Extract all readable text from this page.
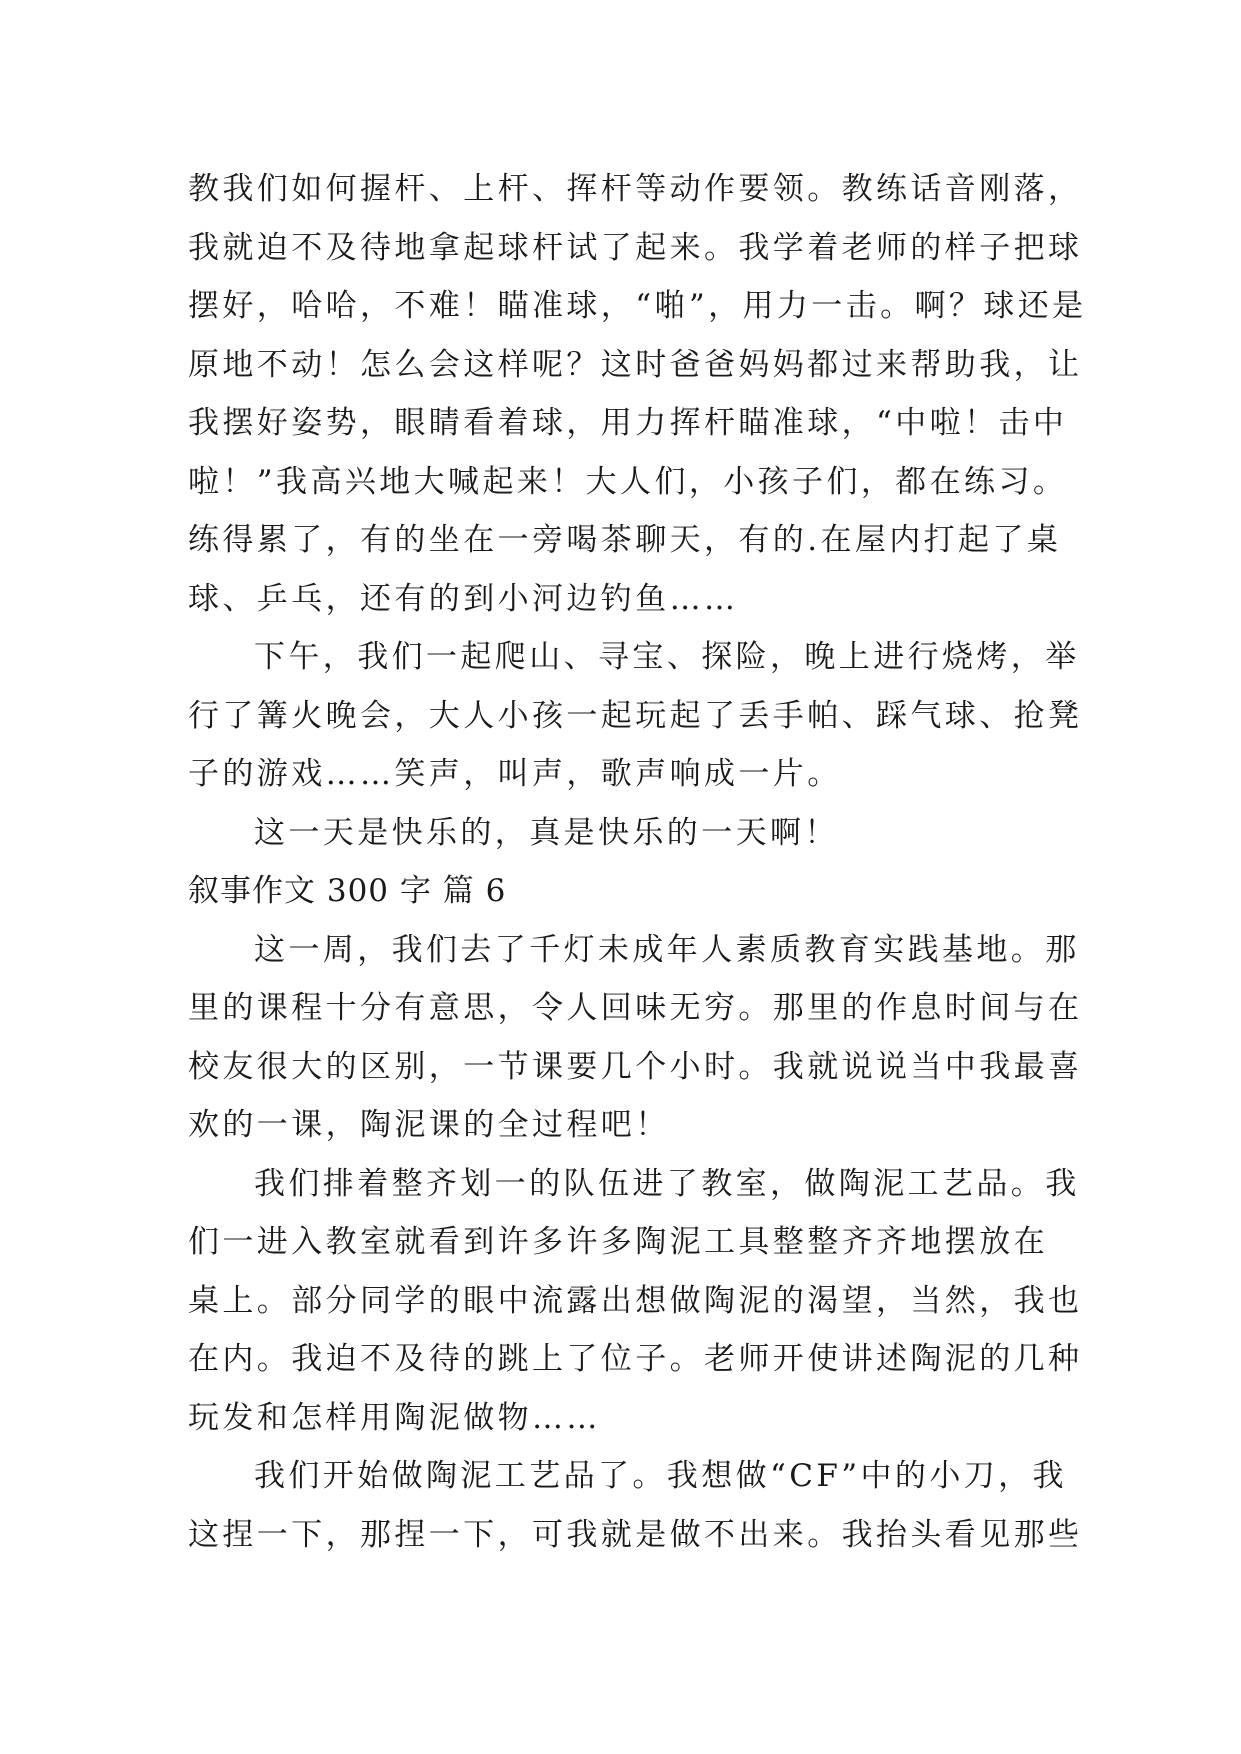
教我们如何握杆、上杆、挥杆等动作要领。教练话音刚落，
我就迫不及待地拿起球杆试了起来。我学着老师的样子把球
摆好，哈哈，不难！瞄准球，“啪”，用力一击。啊？球还是
原地不动！怎么会这样呢？这时爸爸妈妈都过来帮助我，让
我摆好姿势，眼睛看着球，用力挥杆瞄准球，“中啦！击中
啦！”我高兴地大喊起来！大人们，小孩子们，都在练习。
练得累了，有的坐在一旁喝茶聊天，有的.在屋内打起了桌
球、乒乓，还有的到小河边钓鱼……
下午，我们一起爬山、寻宝、探险，晚上进行烧烤，举
行了篝火晚会，大人小孩一起玩起了丢手帕、踩气球、抢凳
子的游戏……笑声，叫声，歌声响成一片。
这一天是快乐的，真是快乐的一天啊！
叙事作文 300 字 篇 6
这一周，我们去了千灯未成年人素质教育实践基地。那
里的课程十分有意思，令人回味无穷。那里的作息时间与在
校友很大的区别，一节课要几个小时。我就说说当中我最喜
欢的一课，陶泥课的全过程吧！
我们排着整齐划一的队伍进了教室，做陶泥工艺品。我
们一进入教室就看到许多许多陶泥工具整整齐齐地摆放在
桌上。部分同学的眼中流露出想做陶泥的渴望，当然，我也
在内。我迫不及待的跳上了位子。老师开使讲述陶泥的几种
玩发和怎样用陶泥做物……
我们开始做陶泥工艺品了。我想做“CF”中的小刀，我
这捏一下，那捏一下，可我就是做不出来。我抬头看见那些
